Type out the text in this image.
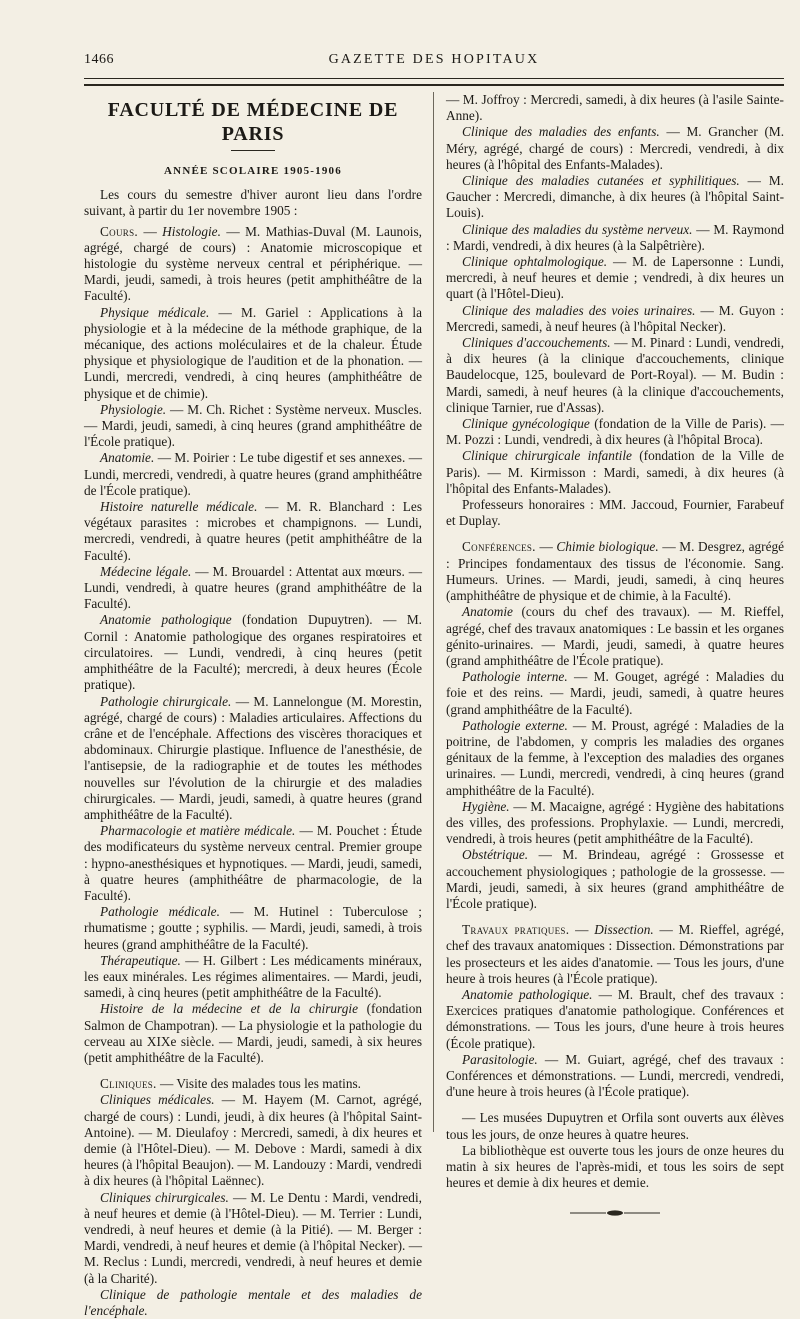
1466	GAZETTE DES HOPITAUX
FACULTÉ DE MÉDECINE DE PARIS
ANNÉE SCOLAIRE 1905-1906

Les cours du semestre d'hiver auront lieu dans l'ordre suivant, à partir du 1er novembre 1905 :

Cours. — Histologie. — M. Mathias-Duval (M. Launois, agrégé, chargé de cours) : Anatomie microscopique et histologie du système nerveux central et périphérique. — Mardi, jeudi, samedi, à trois heures (petit amphithéâtre de la Faculté).

Physique médicale. — M. Gariel : Applications à la physiologie et à la médecine de la méthode graphique, de la mécanique, des actions moléculaires et de la chaleur. Étude physique et physiologique de l'audition et de la phonation. — Lundi, mercredi, vendredi, à cinq heures (amphithéâtre de physique et de chimie).

Physiologie. — M. Ch. Richet : Système nerveux. Muscles. — Mardi, jeudi, samedi, à cinq heures (grand amphithéâtre de l'École pratique).

Anatomie. — M. Poirier : Le tube digestif et ses annexes. — Lundi, mercredi, vendredi, à quatre heures (grand amphithéâtre de l'École pratique).

Histoire naturelle médicale. — M. R. Blanchard : Les végétaux parasites : microbes et champignons. — Lundi, mercredi, vendredi, à quatre heures (petit amphithéâtre de la Faculté).

Médecine légale. — M. Brouardel : Attentat aux mœurs. — Lundi, vendredi, à quatre heures (grand amphithéâtre de la Faculté).

Anatomie pathologique (fondation Dupuytren). — M. Cornil : Anatomie pathologique des organes respiratoires et circulatoires. — Lundi, vendredi, à cinq heures (petit amphithéâtre de la Faculté); mercredi, à deux heures (École pratique).

Pathologie chirurgicale. — M. Lannelongue (M. Morestin, agrégé, chargé de cours) : Maladies articulaires. Affections du crâne et de l'encéphale. Affections des viscères thoraciques et abdominaux. Chirurgie plastique. Influence de l'anesthésie, de l'antisepsie, de la radiographie et de toutes les méthodes nouvelles sur l'évolution de la chirurgie et des maladies chirurgicales. — Mardi, jeudi, samedi, à quatre heures (grand amphithéâtre de la Faculté).

Pharmacologie et matière médicale. — M. Pouchet : Étude des modificateurs du système nerveux central. Premier groupe : hypno-anesthésiques et hypnotiques. — Mardi, jeudi, samedi, à quatre heures (amphithéâtre de pharmacologie, de la Faculté).

Pathologie médicale. — M. Hutinel : Tuberculose ; rhumatisme ; goutte ; syphilis. — Mardi, jeudi, samedi, à trois heures (grand amphithéâtre de la Faculté).

Thérapeutique. — H. Gilbert : Les médicaments minéraux, les eaux minérales. Les régimes alimentaires. — Mardi, jeudi, samedi, à cinq heures (petit amphithéâtre de la Faculté).

Histoire de la médecine et de la chirurgie (fondation Salmon de Champotran). — La physiologie et la pathologie du cerveau au XIXe siècle. — Mardi, jeudi, samedi, à six heures (petit amphithéâtre de la Faculté).

Cliniques. — Visite des malades tous les matins.

Cliniques médicales. — M. Hayem (M. Carnot, agrégé, chargé de cours) : Lundi, jeudi, à dix heures (à l'hôpital Saint-Antoine). — M. Dieulafoy : Mercredi, samedi, à dix heures et demie (à l'Hôtel-Dieu). — M. Debove : Mardi, samedi à dix heures (à l'hôpital Beaujon). — M. Landouzy : Mardi, vendredi à dix heures (à l'hôpital Laënnec).

Cliniques chirurgicales. — M. Le Dentu : Mardi, vendredi, à neuf heures et demie (à l'Hôtel-Dieu). — M. Terrier : Lundi, vendredi, à neuf heures et demie (à la Pitié). — M. Berger : Mardi, vendredi, à neuf heures et demie (à l'hôpital Necker). — M. Reclus : Lundi, mercredi, vendredi, à neuf heures et demie (à la Charité).

Clinique de pathologie mentale et des maladies de l'encéphale.

— M. Joffroy : Mercredi, samedi, à dix heures (à l'asile Sainte-Anne).

Clinique des maladies des enfants. — M. Grancher (M. Méry, agrégé, chargé de cours) : Mercredi, vendredi, à dix heures (à l'hôpital des Enfants-Malades).

Clinique des maladies cutanées et syphilitiques. — M. Gaucher : Mercredi, dimanche, à dix heures (à l'hôpital Saint-Louis).

Clinique des maladies du système nerveux. — M. Raymond : Mardi, vendredi, à dix heures (à la Salpêtrière).

Clinique ophtalmologique. — M. de Lapersonne : Lundi, mercredi, à neuf heures et demie ; vendredi, à dix heures un quart (à l'Hôtel-Dieu).

Clinique des maladies des voies urinaires. — M. Guyon : Mercredi, samedi, à neuf heures (à l'hôpital Necker).

Cliniques d'accouchements. — M. Pinard : Lundi, vendredi, à dix heures (à la clinique d'accouchements, clinique Baudelocque, 125, boulevard de Port-Royal). — M. Budin : Mardi, samedi, à neuf heures (à la clinique d'accouchements, clinique Tarnier, rue d'Assas).

Clinique gynécologique (fondation de la Ville de Paris). — M. Pozzi : Lundi, vendredi, à dix heures (à l'hôpital Broca).

Clinique chirurgicale infantile (fondation de la Ville de Paris). — M. Kirmisson : Mardi, samedi, à dix heures (à l'hôpital des Enfants-Malades).

Professeurs honoraires : MM. Jaccoud, Fournier, Farabeuf et Duplay.

Conférences. — Chimie biologique. — M. Desgrez, agrégé : Principes fondamentaux des tissus de l'économie. Sang. Humeurs. Urines. — Mardi, jeudi, samedi, à cinq heures (amphithéâtre de physique et de chimie, à la Faculté).

Anatomie (cours du chef des travaux). — M. Rieffel, agrégé, chef des travaux anatomiques : Le bassin et les organes génito-urinaires. — Mardi, jeudi, samedi, à quatre heures (grand amphithéâtre de l'École pratique).

Pathologie interne. — M. Gouget, agrégé : Maladies du foie et des reins. — Mardi, jeudi, samedi, à quatre heures (grand amphithéâtre de la Faculté).

Pathologie externe. — M. Proust, agrégé : Maladies de la poitrine, de l'abdomen, y compris les maladies des organes génitaux de la femme, à l'exception des maladies des organes urinaires. — Lundi, mercredi, vendredi, à cinq heures (grand amphithéâtre de la Faculté).

Hygiène. — M. Macaigne, agrégé : Hygiène des habitations des villes, des professions. Prophylaxie. — Lundi, mercredi, vendredi, à trois heures (petit amphithéâtre de la Faculté).

Obstétrique. — M. Brindeau, agrégé : Grossesse et accouchement physiologiques ; pathologie de la grossesse. — Mardi, jeudi, samedi, à six heures (grand amphithéâtre de l'École pratique).

Travaux pratiques. — Dissection. — M. Rieffel, agrégé, chef des travaux anatomiques : Dissection. Démonstrations par les prosecteurs et les aides d'anatomie. — Tous les jours, d'une heure à trois heures (à l'École pratique).

Anatomie pathologique. — M. Brault, chef des travaux : Exercices pratiques d'anatomie pathologique. Conférences et démonstrations. — Tous les jours, d'une heure à trois heures (École pratique).

Parasitologie. — M. Guiart, agrégé, chef des travaux : Conférences et démonstrations. — Lundi, mercredi, vendredi, d'une heure à trois heures (à l'École pratique).

— Les musées Dupuytren et Orfila sont ouverts aux élèves tous les jours, de onze heures à quatre heures.

La bibliothèque est ouverte tous les jours de onze heures du matin à six heures de l'après-midi, et tous les soirs de sept heures et demie à dix heures et demie.
